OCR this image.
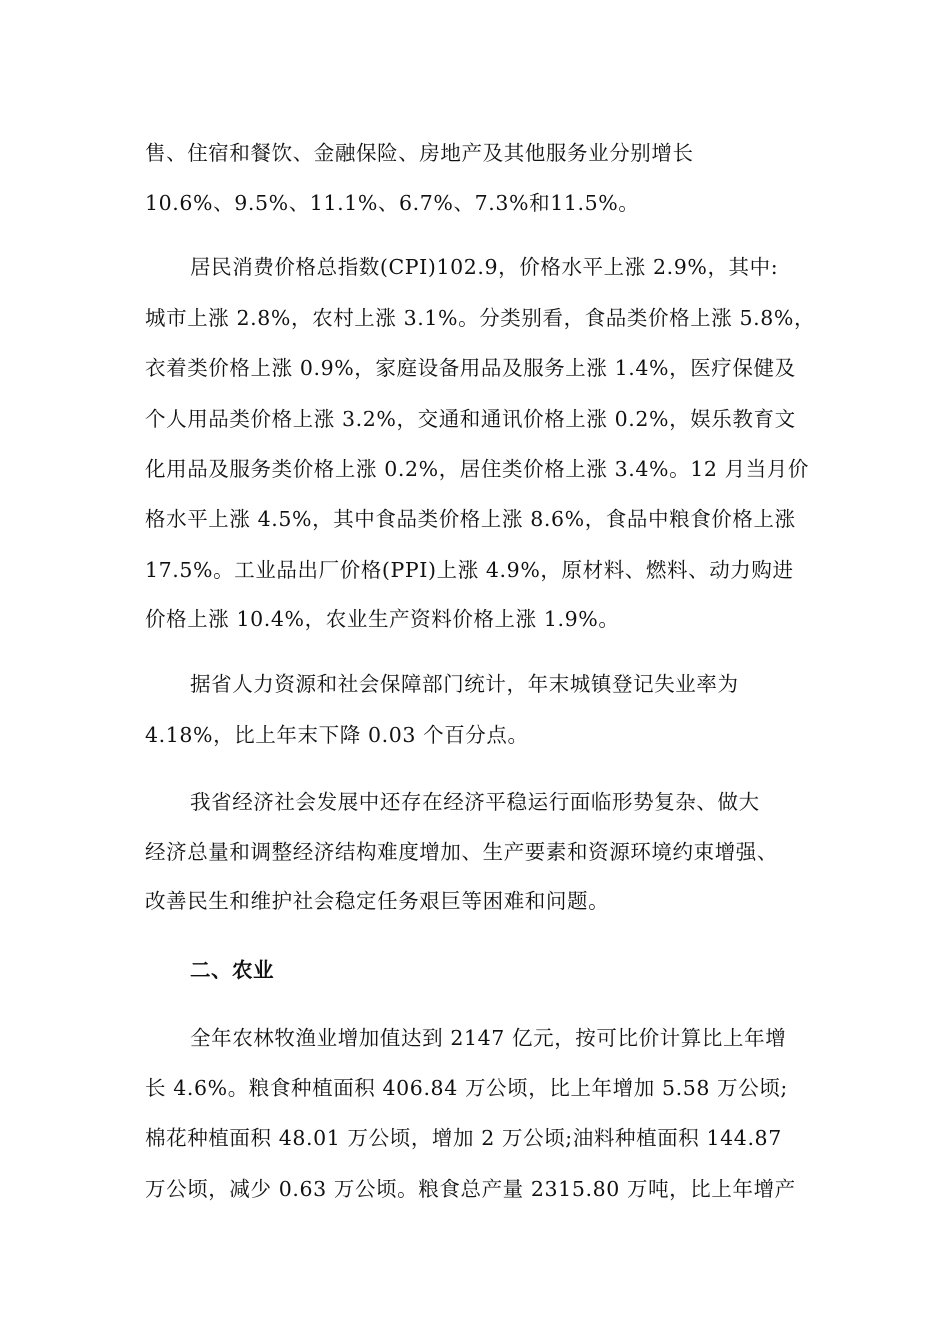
售、住宿和餐饮、金融保险、房地产及其他服务业分别增长
10.6%、9.5%、11.1%、6.7%、7.3%和11.5%。
居民消费价格总指数(CPI)102.9，价格水平上涨 2.9%，其中:
城市上涨 2.8%，农村上涨 3.1%。分类别看，食品类价格上涨 5.8%，
衣着类价格上涨 0.9%，家庭设备用品及服务上涨 1.4%，医疗保健及
个人用品类价格上涨 3.2%，交通和通讯价格上涨 0.2%，娱乐教育文
化用品及服务类价格上涨 0.2%，居住类价格上涨 3.4%。12 月当月价
格水平上涨 4.5%，其中食品类价格上涨 8.6%，食品中粮食价格上涨
17.5%。工业品出厂价格(PPI)上涨 4.9%，原材料、燃料、动力购进
价格上涨 10.4%，农业生产资料价格上涨 1.9%。
据省人力资源和社会保障部门统计，年末城镇登记失业率为
4.18%，比上年末下降 0.03 个百分点。
我省经济社会发展中还存在经济平稳运行面临形势复杂、做大
经济总量和调整经济结构难度增加、生产要素和资源环境约束增强、
改善民生和维护社会稳定任务艰巨等困难和问题。
二、农业
全年农林牧渔业增加值达到 2147 亿元，按可比价计算比上年增
长 4.6%。粮食种植面积 406.84 万公顷，比上年增加 5.58 万公顷;
棉花种植面积 48.01 万公顷，增加 2 万公顷;油料种植面积 144.87
万公顷，减少 0.63 万公顷。粮食总产量 2315.80 万吨，比上年增产
